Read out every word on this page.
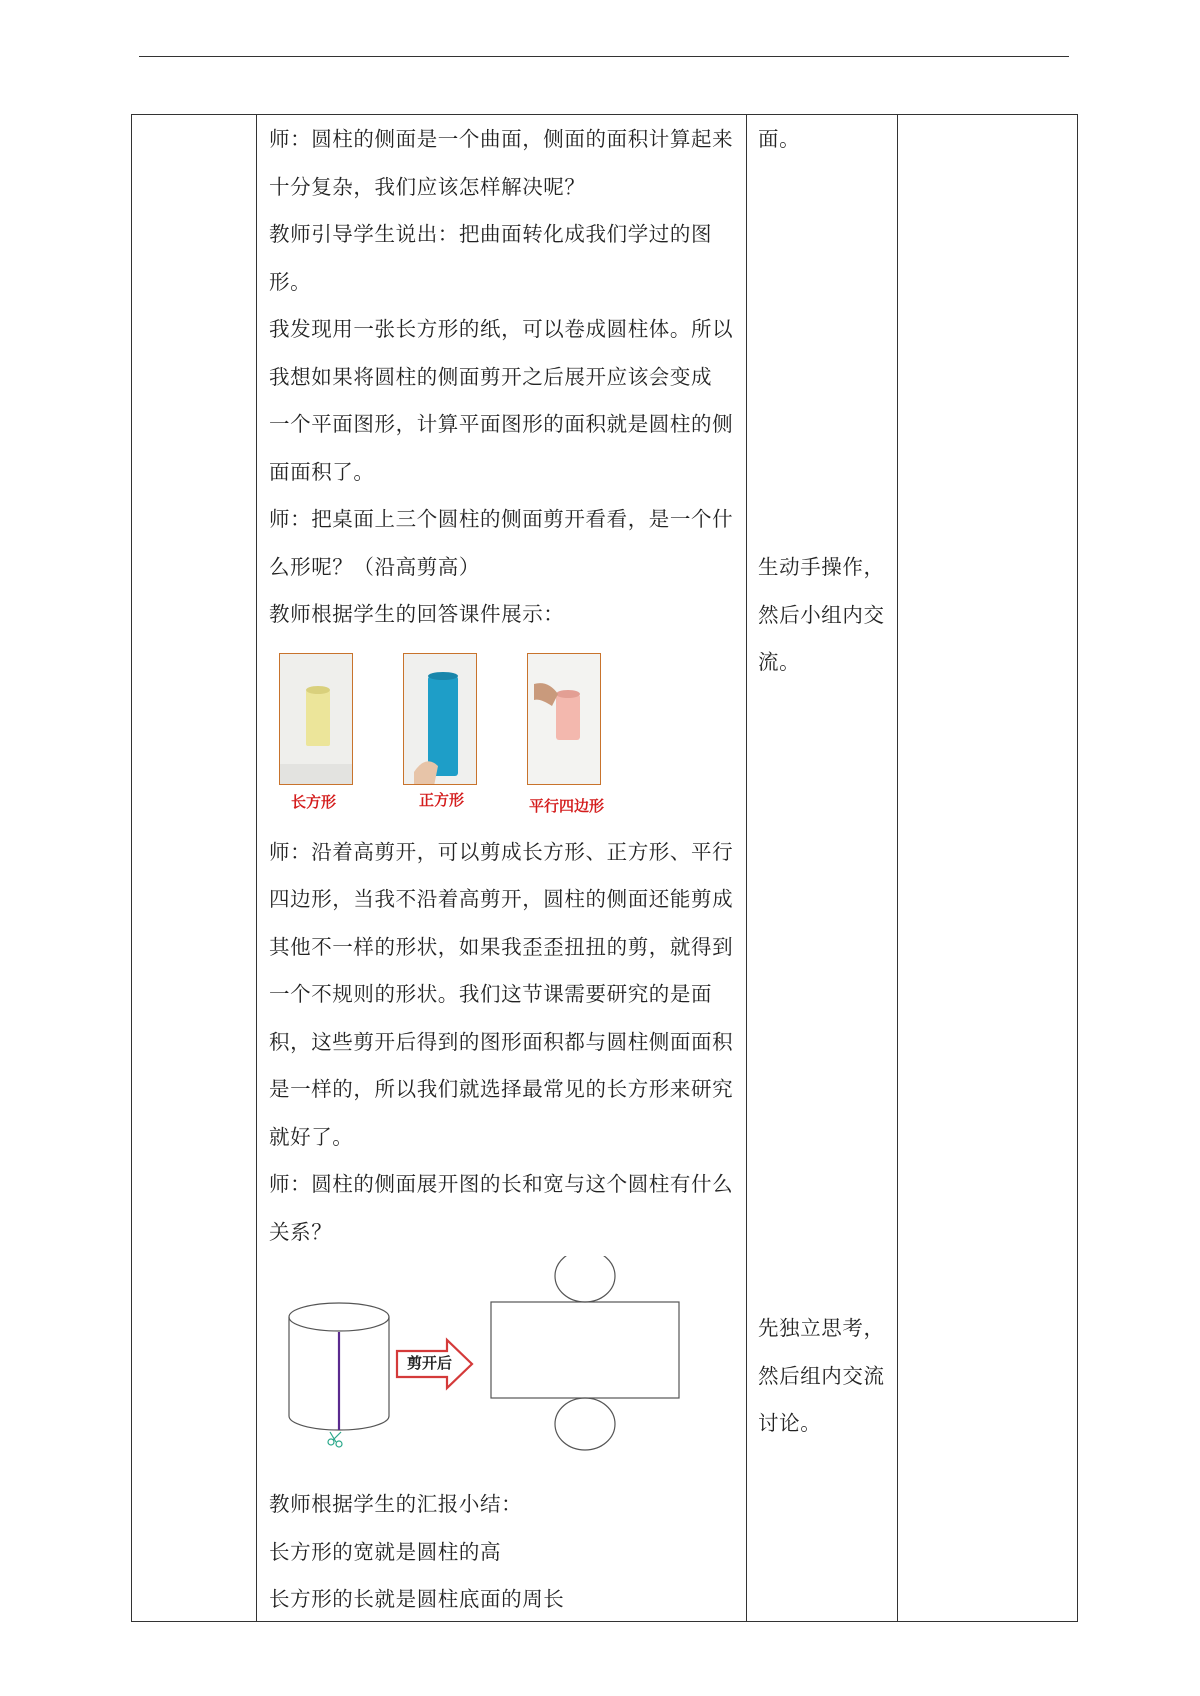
师：圆柱的侧面是一个曲面，侧面的面积计算起来
十分复杂，我们应该怎样解决呢？

教师引导学生说出：把曲面转化成我们学过的图
形。

我发现用一张长方形的纸，可以卷成圆柱体。所以
我想如果将圆柱的侧面剪开之后展开应该会变成
一个平面图形，计算平面图形的面积就是圆柱的侧
面面积了。

师：把桌面上三个圆柱的侧面剪开看看，是一个什
么形呢？（沿高剪高）

教师根据学生的回答课件展示：

长方形	正方形	平行四边形

师：沿着高剪开，可以剪成长方形、正方形、平行
四边形，当我不沿着高剪开，圆柱的侧面还能剪成
其他不一样的形状，如果我歪歪扭扭的剪，就得到
一个不规则的形状。我们这节课需要研究的是面
积，这些剪开后得到的图形面积都与圆柱侧面面积
是一样的，所以我们就选择最常见的长方形来研究
就好了。

师：圆柱的侧面展开图的长和宽与这个圆柱有什么
关系？

剪开后

教师根据学生的汇报小结：

长方形的宽就是圆柱的高

长方形的长就是圆柱底面的周长

面。

生动手操作，

然后小组内交

流。

先独立思考，

然后组内交流

讨论。
